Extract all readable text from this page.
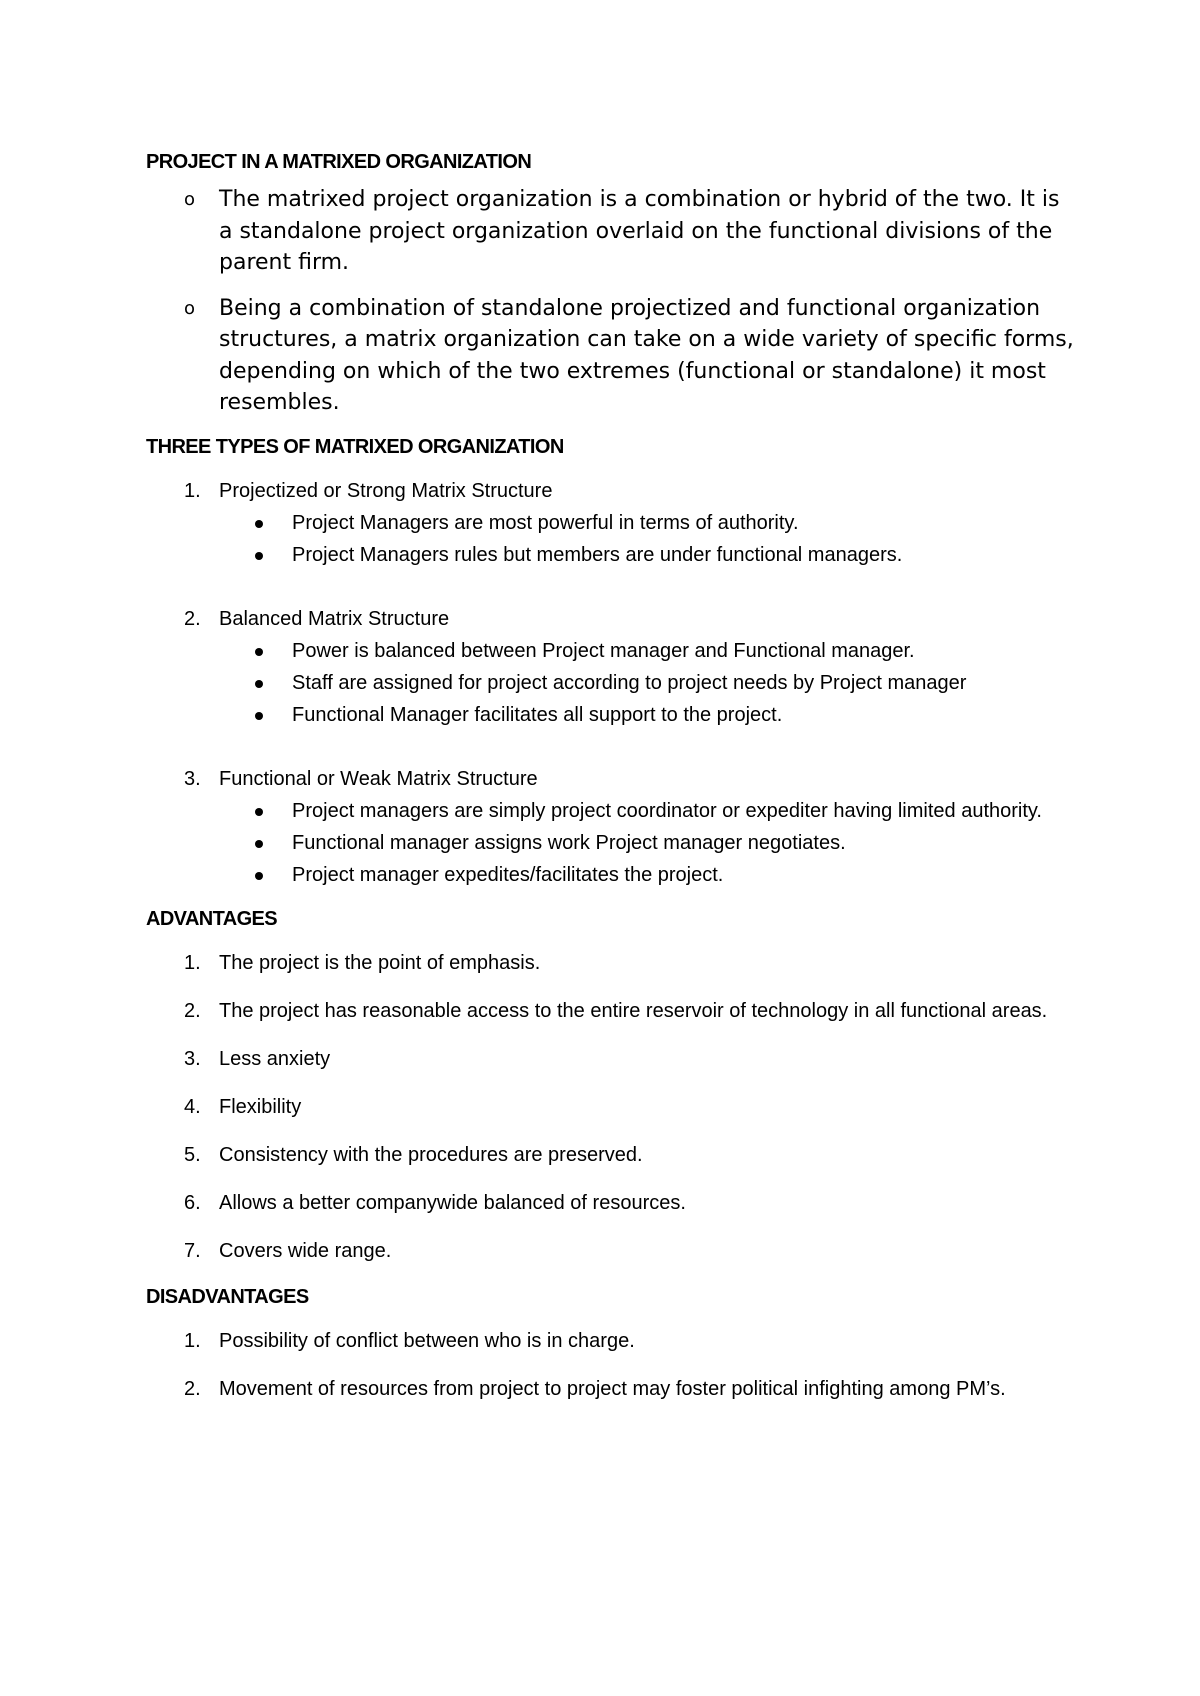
PROJECT IN A MATRIXED ORGANIZATION
o The matrixed project organization is a combination or hybrid of the two. It is a standalone project organization overlaid on the functional divisions of the parent firm.
o Being a combination of standalone projectized and functional organization structures, a matrix organization can take on a wide variety of specific forms, depending on which of the two extremes (functional or standalone) it most resembles.
THREE TYPES OF MATRIXED ORGANIZATION
1. Projectized or Strong Matrix Structure
Project Managers are most powerful in terms of authority.
Project Managers rules but members are under functional managers.
2. Balanced Matrix Structure
Power is balanced between Project manager and Functional manager.
Staff are assigned for project according to project needs by Project manager
Functional Manager facilitates all support to the project.
3. Functional or Weak Matrix Structure
Project managers are simply project coordinator or expediter having limited authority.
Functional manager assigns work Project manager negotiates.
Project manager expedites/facilitates the project.
ADVANTAGES
1. The project is the point of emphasis.
2. The project has reasonable access to the entire reservoir of technology in all functional areas.
3. Less anxiety
4. Flexibility
5. Consistency with the procedures are preserved.
6. Allows a better companywide balanced of resources.
7. Covers wide range.
DISADVANTAGES
1. Possibility of conflict between who is in charge.
2. Movement of resources from project to project may foster political infighting among PM’s.
